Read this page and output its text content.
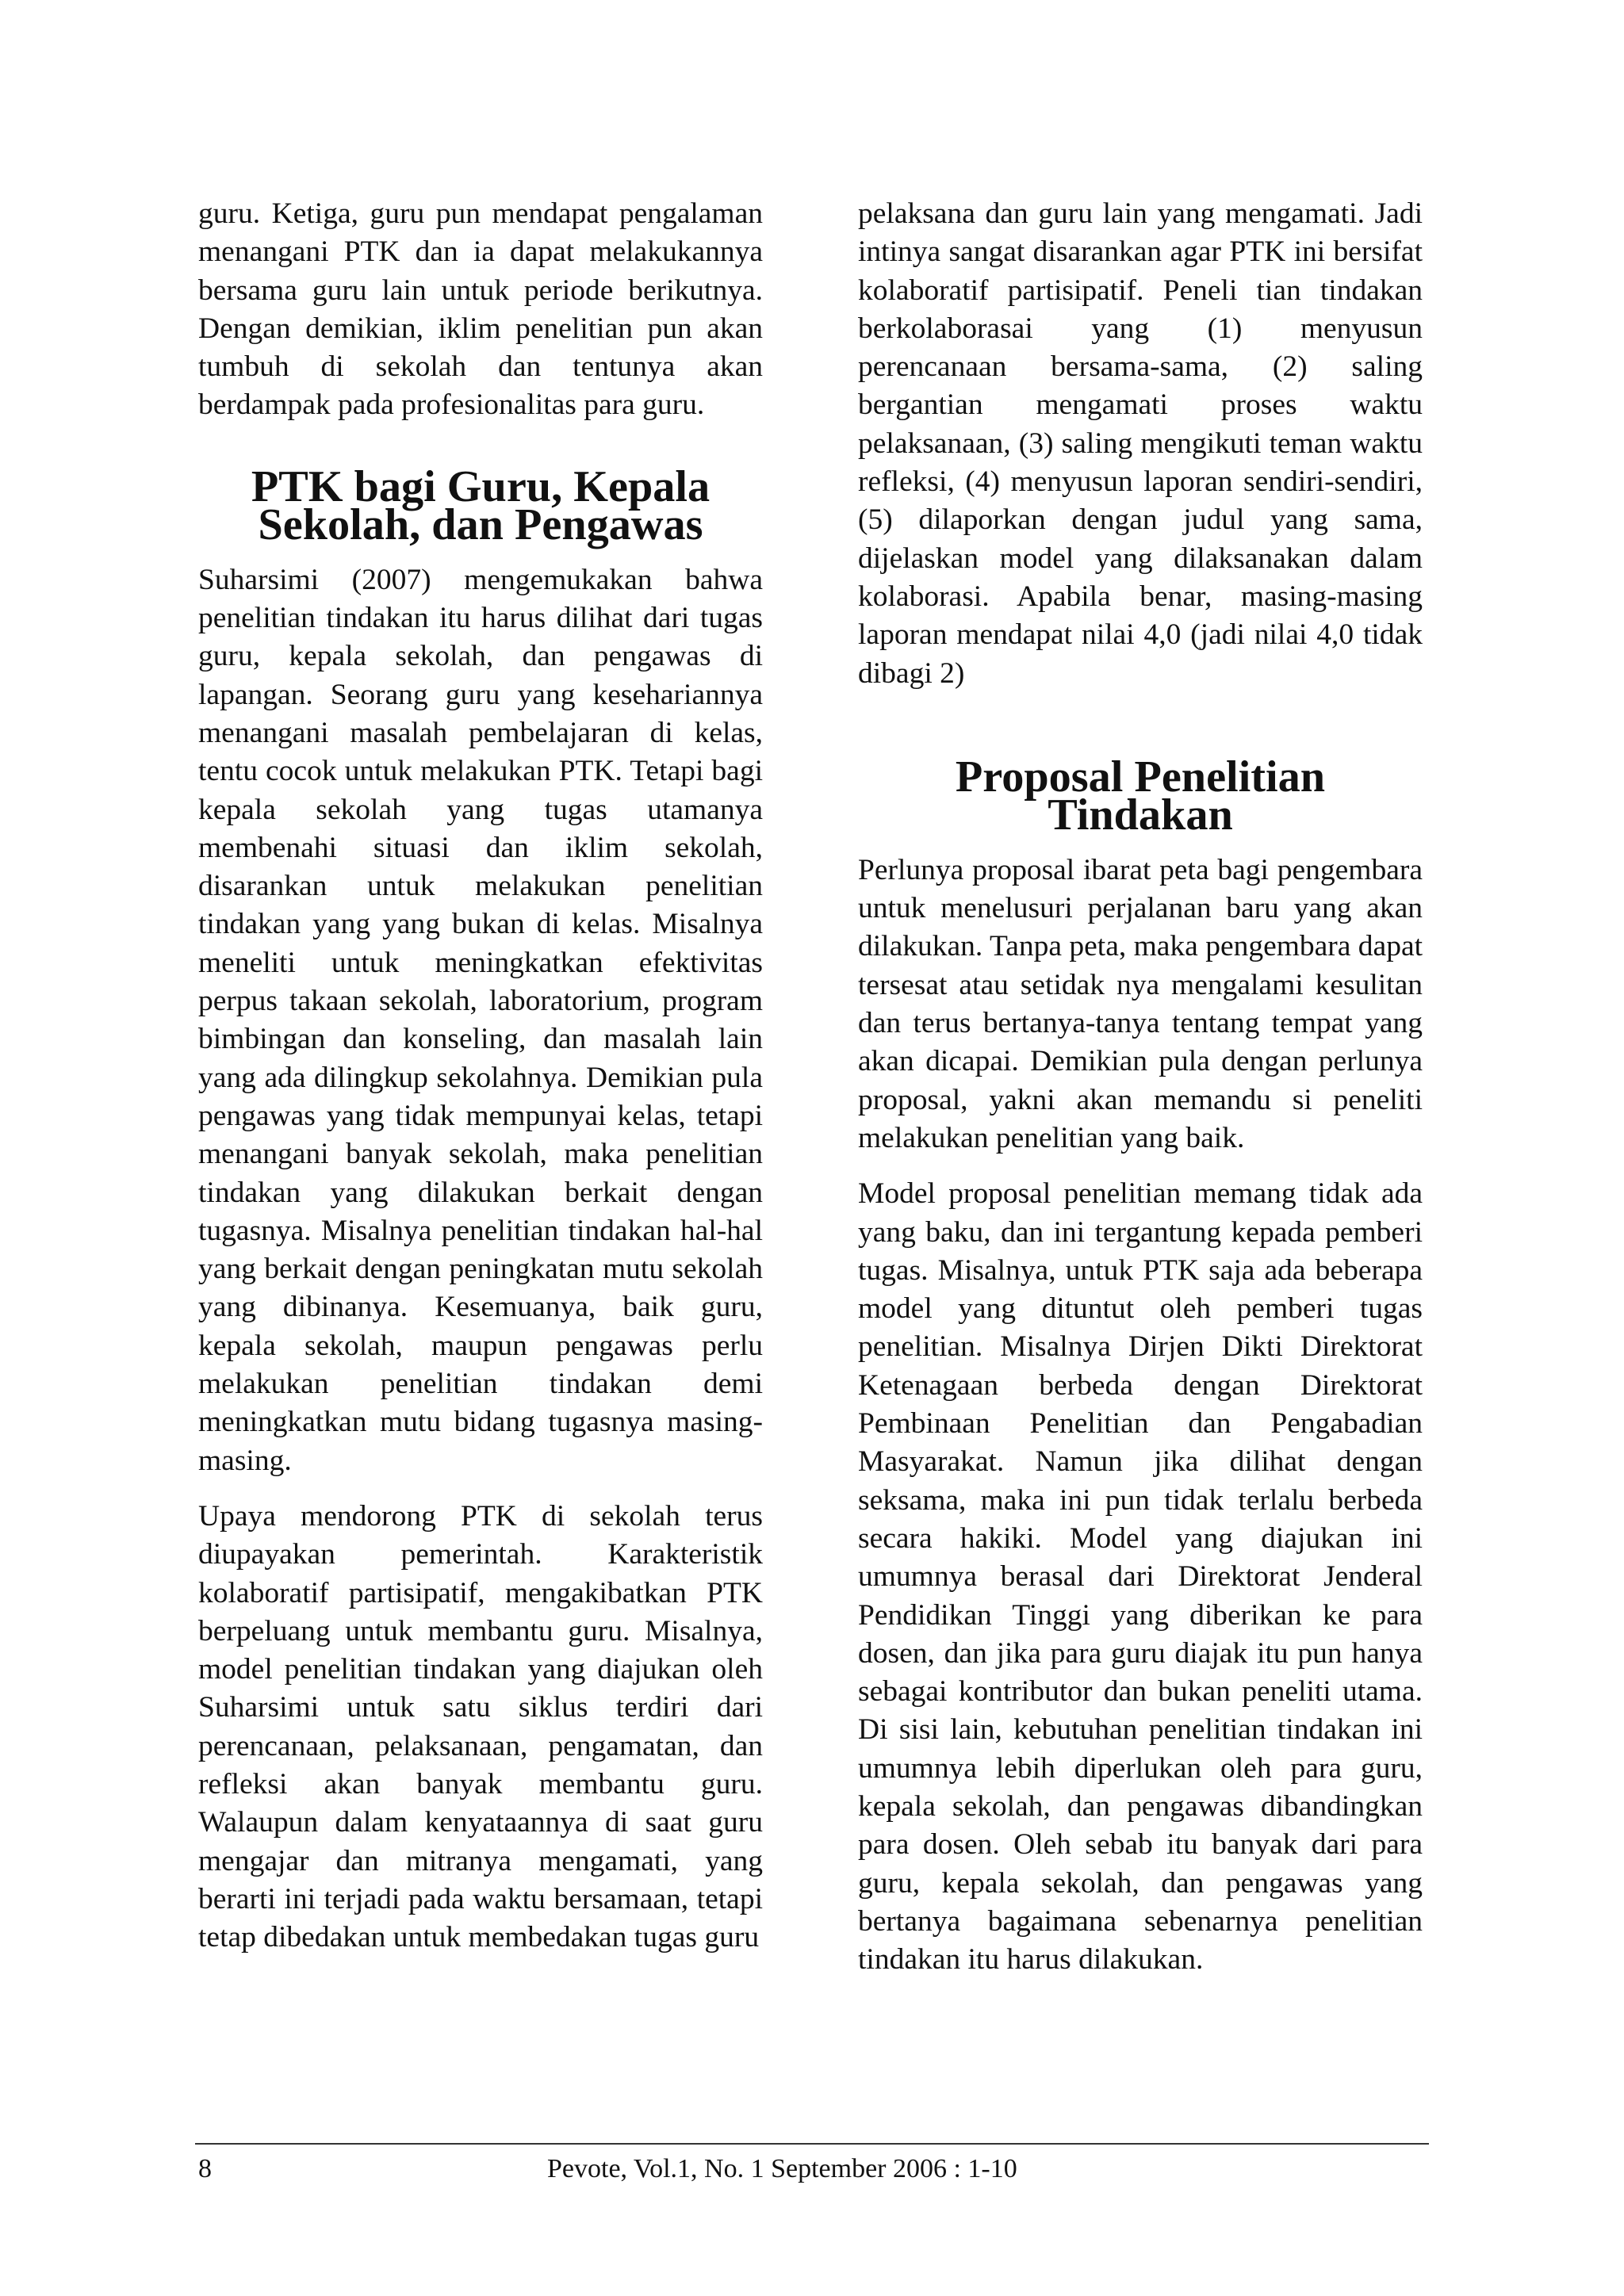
guru. Ketiga, guru pun mendapat pengalaman menangani PTK dan ia dapat melakukannya bersama guru lain untuk periode berikutnya. Dengan demikian, iklim penelitian pun akan tumbuh di sekolah dan tentunya akan berdampak pada profesionalitas para guru.

PTK bagi Guru, Kepala Sekolah, dan Pengawas

Suharsimi (2007) mengemukakan bahwa penelitian tindakan itu harus dilihat dari tugas guru, kepala sekolah, dan pengawas di lapangan. Seorang guru yang kesehariannya menangani masalah pembelajaran di kelas, tentu cocok untuk melakukan PTK. Tetapi bagi kepala sekolah yang tugas utamanya membenahi situasi dan iklim sekolah, disarankan untuk melakukan penelitian tindakan yang yang bukan di kelas. Misalnya meneliti untuk meningkatkan efektivitas perpus takaan sekolah, laboratorium, program bimbingan dan konseling, dan masalah lain yang ada dilingkup sekolahnya. Demikian pula pengawas yang tidak mempunyai kelas, tetapi menangani banyak sekolah, maka penelitian tindakan yang dilakukan berkait dengan tugasnya. Misalnya penelitian tindakan hal-hal yang berkait dengan peningkatan mutu sekolah yang dibinanya. Kesemuanya, baik guru, kepala sekolah, maupun pengawas perlu melakukan penelitian tindakan demi meningkatkan mutu bidang tugasnya masing-masing.

Upaya mendorong PTK di sekolah terus diupayakan pemerintah. Karakteristik kolaboratif partisipatif, mengakibatkan PTK berpeluang untuk membantu guru. Misalnya, model penelitian tindakan yang diajukan oleh Suharsimi untuk satu siklus terdiri dari perencanaan, pelaksanaan, pengamatan, dan refleksi akan banyak membantu guru. Walaupun dalam kenyataannya di saat guru mengajar dan mitranya mengamati, yang berarti ini terjadi pada waktu bersamaan, tetapi tetap dibedakan untuk membedakan tugas guru

pelaksana dan guru lain yang mengamati. Jadi intinya sangat disarankan agar PTK ini bersifat kolaboratif partisipatif. Peneli tian tindakan berkolaborasai yang (1) menyusun perencanaan bersama-sama, (2) saling bergantian mengamati proses waktu pelaksanaan, (3) saling mengikuti teman waktu refleksi, (4) menyusun laporan sendiri-sendiri, (5) dilaporkan dengan judul yang sama, dijelaskan model yang dilaksanakan dalam kolaborasi. Apabila benar, masing-masing laporan mendapat nilai 4,0 (jadi nilai 4,0 tidak dibagi 2)

Proposal Penelitian Tindakan

Perlunya proposal ibarat peta bagi pengembara untuk menelusuri perjalanan baru yang akan dilakukan. Tanpa peta, maka pengembara dapat tersesat atau setidak nya mengalami kesulitan dan terus bertanya-tanya tentang tempat yang akan dicapai. Demikian pula dengan perlunya proposal, yakni akan memandu si peneliti melakukan penelitian yang baik.

Model proposal penelitian memang tidak ada yang baku, dan ini tergantung kepada pemberi tugas. Misalnya, untuk PTK saja ada beberapa model yang dituntut oleh pemberi tugas penelitian. Misalnya Dirjen Dikti Direktorat Ketenagaan berbeda dengan Direktorat Pembinaan Penelitian dan Pengabadian Masyarakat. Namun jika dilihat dengan seksama, maka ini pun tidak terlalu berbeda secara hakiki. Model yang diajukan ini umumnya berasal dari Direktorat Jenderal Pendidikan Tinggi yang diberikan ke para dosen, dan jika para guru diajak itu pun hanya sebagai kontributor dan bukan peneliti utama. Di sisi lain, kebutuhan penelitian tindakan ini umumnya lebih diperlukan oleh para guru, kepala sekolah, dan pengawas dibandingkan para dosen. Oleh sebab itu banyak dari para guru, kepala sekolah, dan pengawas yang bertanya bagaimana sebenarnya penelitian tindakan itu harus dilakukan.

8	Pevote, Vol.1, No. 1 September 2006 : 1-10
